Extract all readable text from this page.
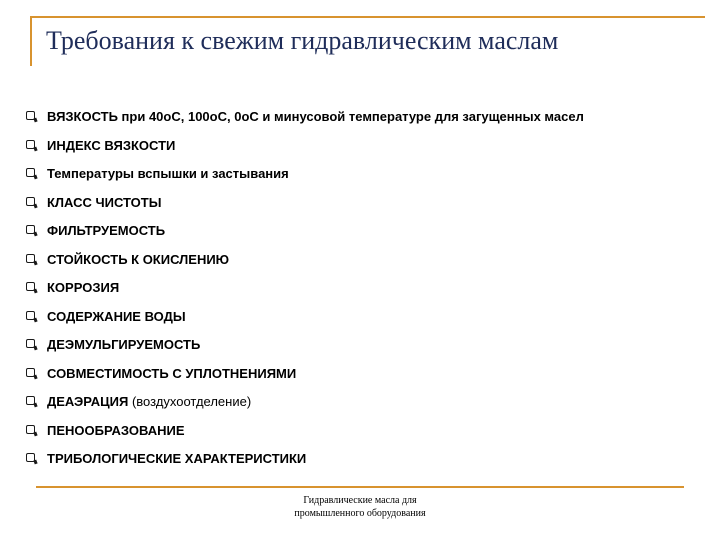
Требования к свежим гидравлическим маслам
ВЯЗКОСТЬ при 40оС, 100оС, 0оС и минусовой температуре для загущенных масел
ИНДЕКС ВЯЗКОСТИ
Температуры вспышки и застывания
КЛАСС ЧИСТОТЫ
ФИЛЬТРУЕМОСТЬ
СТОЙКОСТЬ К ОКИСЛЕНИЮ
КОРРОЗИЯ
СОДЕРЖАНИЕ ВОДЫ
ДЕЭМУЛЬГИРУЕМОСТЬ
СОВМЕСТИМОСТЬ С УПЛОТНЕНИЯМИ
ДЕАЭРАЦИЯ (воздухоотделение)
ПЕНООБРАЗОВАНИЕ
ТРИБОЛОГИЧЕСКИЕ ХАРАКТЕРИСТИКИ
Гидравлические масла для
промышленного оборудования
